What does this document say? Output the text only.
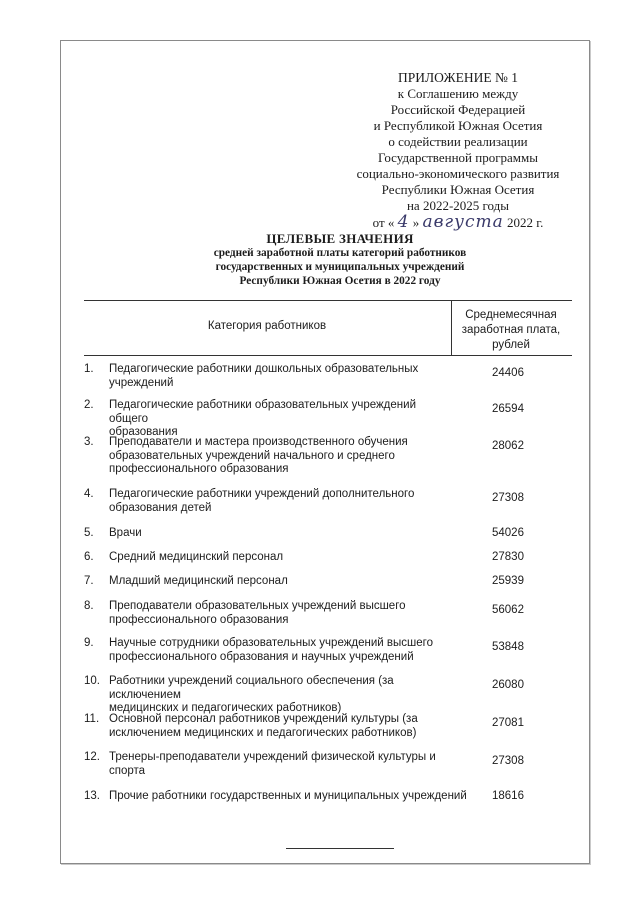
ПРИЛОЖЕНИЕ № 1
к Соглашению между
Российской Федерацией
и Республикой Южная Осетия
о содействии реализации
Государственной программы
социально-экономического развития
Республики Южная Осетия
на 2022-2025 годы
от « 4 » августа 2022 г.
ЦЕЛЕВЫЕ ЗНАЧЕНИЯ
средней заработной платы категорий работников
государственных и муниципальных учреждений
Республики Южная Осетия в 2022 году
Категория работников
Среднемесячная
заработная плата,
рублей
1.	Педагогические работники дошкольных образовательных
учреждений
24406
2.	Педагогические работники образовательных учреждений общего
образования
26594
3.	Преподаватели и мастера производственного обучения
образовательных учреждений начального и среднего
профессионального образования
28062
4.	Педагогические работники учреждений дополнительного
образования детей
27308
5.	Врачи	54026
6.	Средний медицинский персонал	27830
7.	Младший медицинский персонал	25939
8.	Преподаватели образовательных учреждений высшего
профессионального образования
56062
9.	Научные сотрудники образовательных учреждений высшего
профессионального образования и научных учреждений
53848
10. Работники учреждений социального обеспечения (за исключением
медицинских и педагогических работников)
26080
11. Основной персонал работников учреждений культуры (за
исключением медицинских и педагогических работников)
27081
12. Тренеры-преподаватели учреждений физической культуры и
спорта
27308
13. Прочие работники государственных и муниципальных учреждений	18616
